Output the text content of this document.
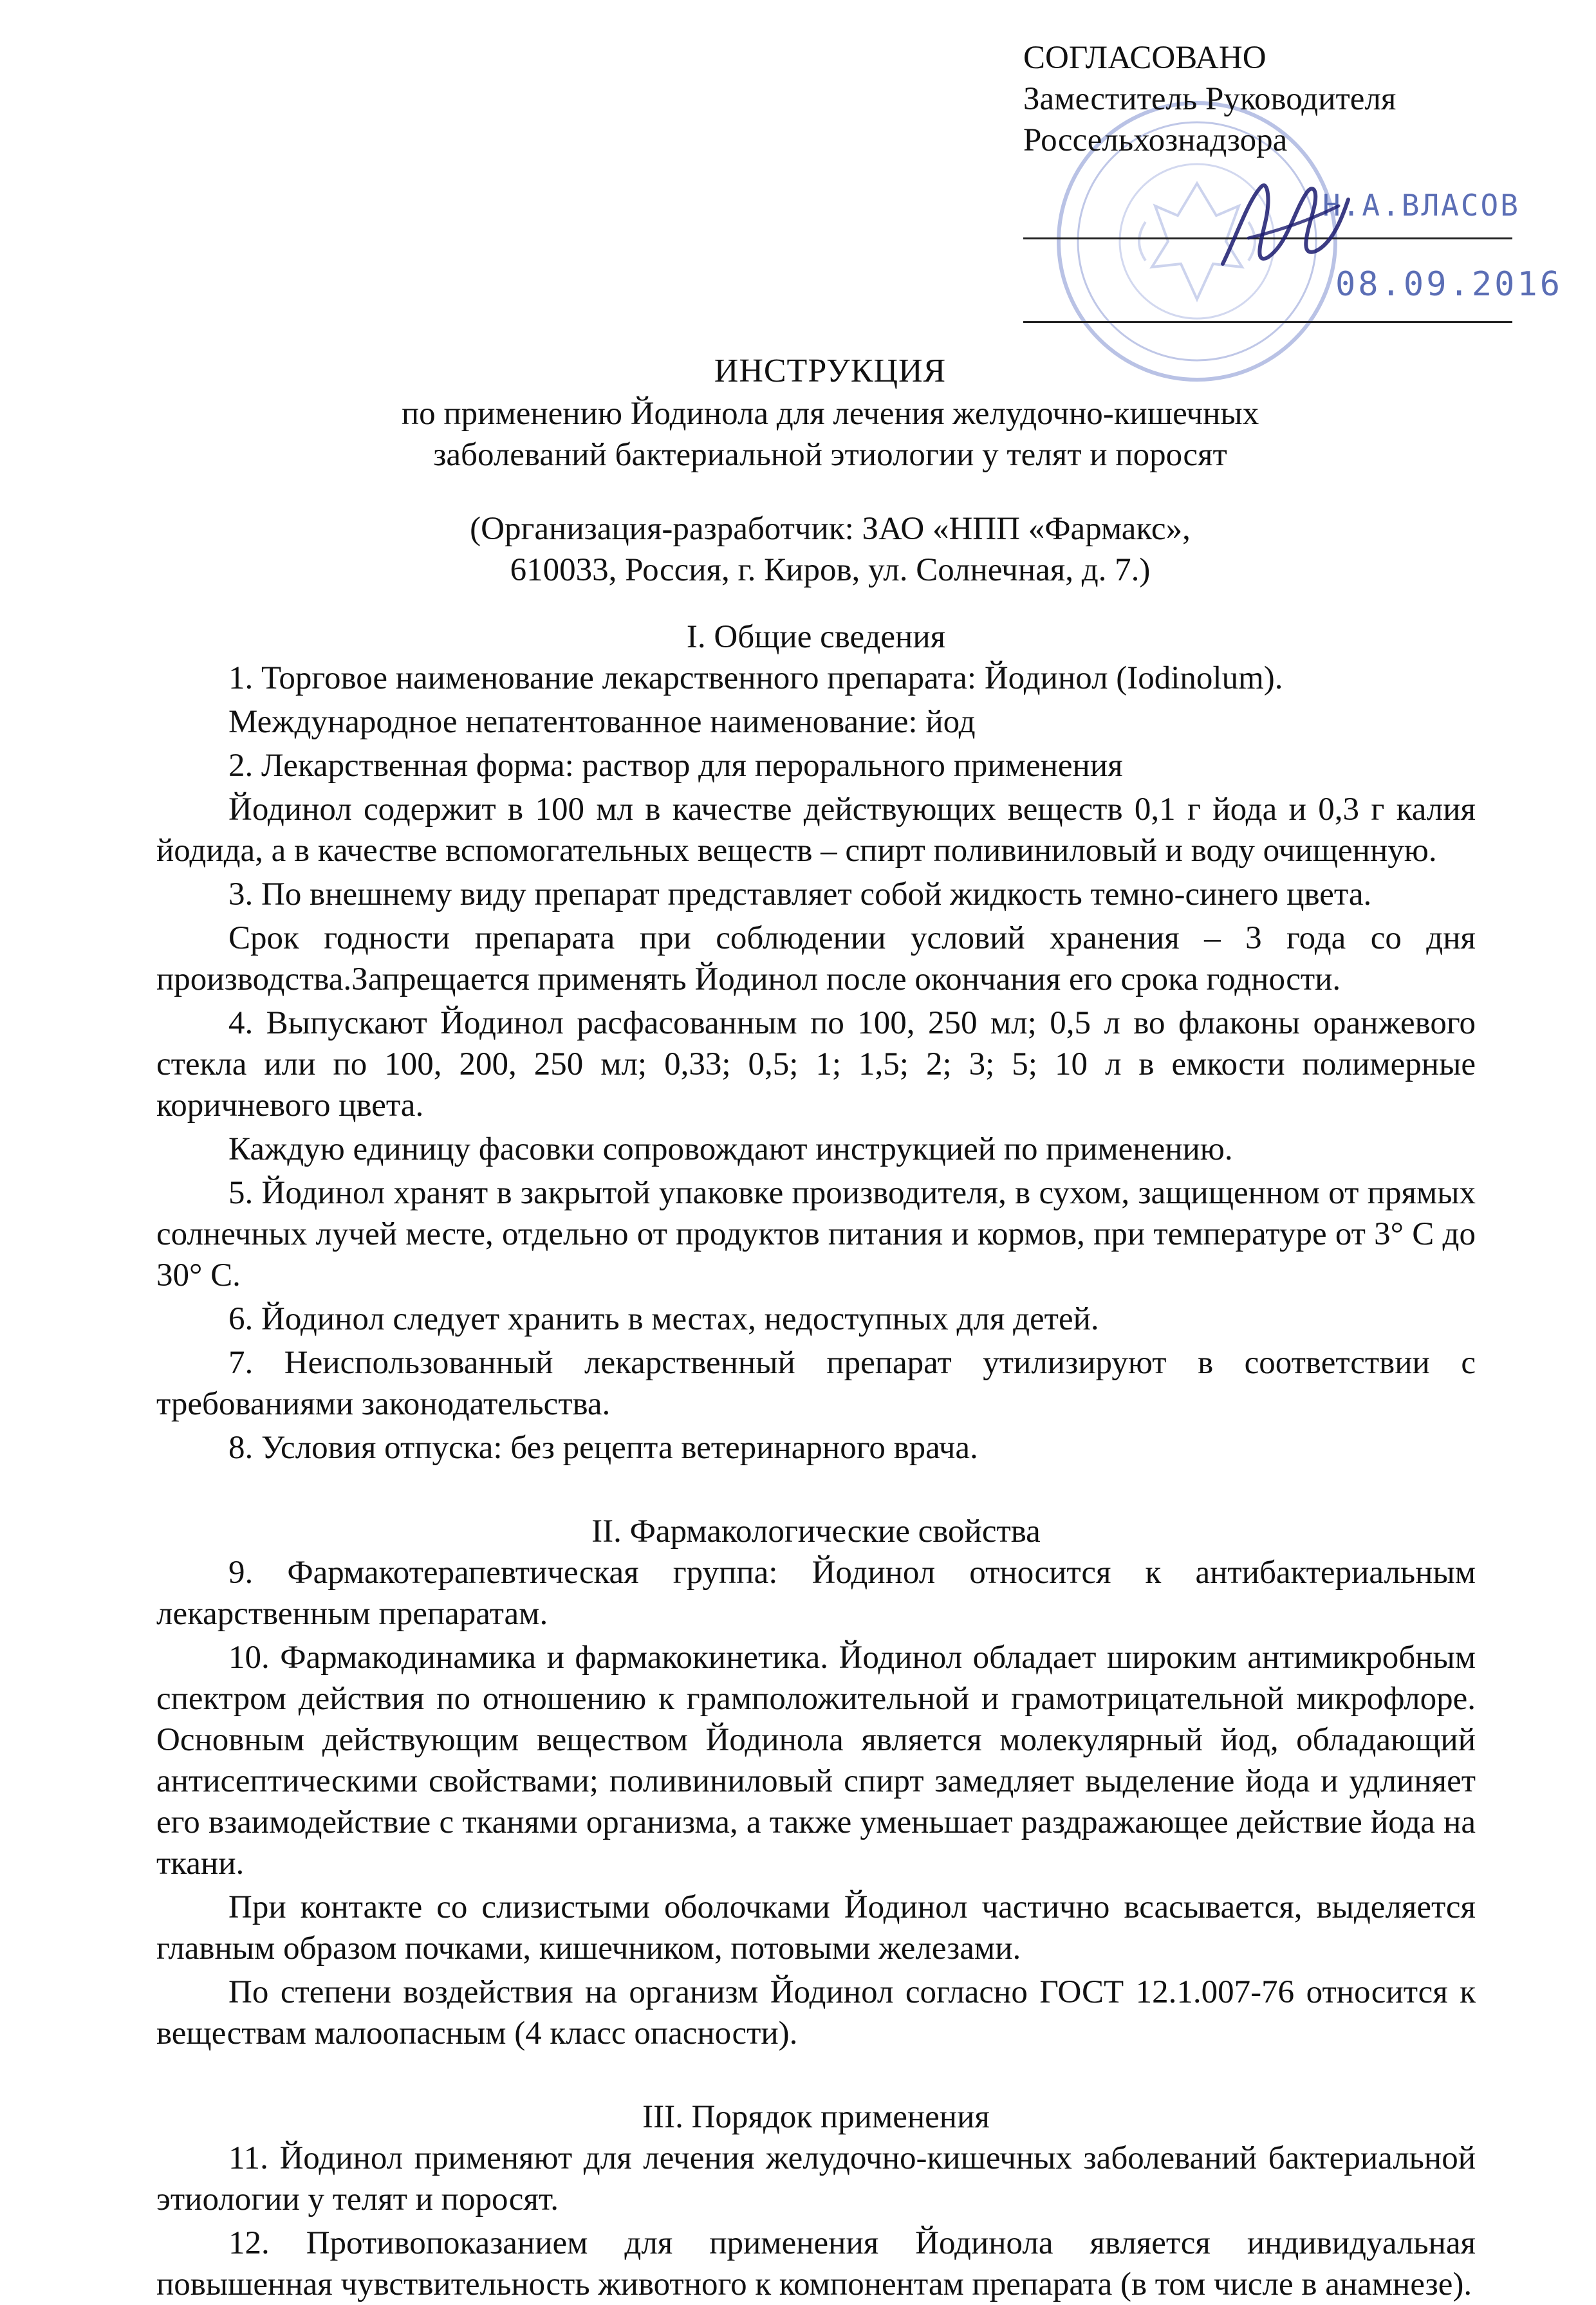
СОГЛАСОВАНО
Заместитель Руководителя
Россельхознадзора
Н.А.ВЛАСОВ
08.09.2016
ИНСТРУКЦИЯ
по применению Йодинола для лечения желудочно-кишечных
заболеваний бактериальной этиологии у телят и поросят
(Организация-разработчик: ЗАО «НПП «Фармакс»,
610033, Россия, г. Киров, ул. Солнечная, д. 7.)

I. Общие сведения

1. Торговое наименование лекарственного препарата: Йодинол (Iodinolum).

Международное непатентованное наименование: йод

2. Лекарственная форма: раствор для перорального применения

Йодинол содержит в 100 мл в качестве действующих веществ 0,1 г йода и 0,3 г калия йодида, а в качестве вспомогательных веществ – спирт поливиниловый и воду очищенную.

3. По внешнему виду препарат представляет собой жидкость темно-синего цвета.

Срок годности препарата при соблюдении условий хранения – 3 года со дня производства.Запрещается применять Йодинол после окончания его срока годности.

4. Выпускают Йодинол расфасованным по 100, 250 мл; 0,5 л во флаконы оранжевого стекла или по 100, 200, 250 мл; 0,33; 0,5; 1; 1,5; 2; 3; 5; 10 л в емкости полимерные коричневого цвета.

Каждую единицу фасовки сопровождают инструкцией по применению.

5. Йодинол хранят в закрытой упаковке производителя, в сухом, защищенном от прямых солнечных лучей месте, отдельно от продуктов питания и кормов, при температуре от 3° С до 30° С.

6. Йодинол следует хранить в местах, недоступных для детей.

7. Неиспользованный лекарственный препарат утилизируют в соответствии с требованиями законодательства.

8. Условия отпуска: без рецепта ветеринарного врача.

II. Фармакологические свойства

9. Фармакотерапевтическая группа: Йодинол относится к антибактериальным лекарственным препаратам.

10. Фармакодинамика и фармакокинетика. Йодинол обладает широким антимикробным спектром действия по отношению к грамположительной и грамотрицательной микрофлоре. Основным действующим веществом Йодинола является молекулярный йод, обладающий антисептическими свойствами; поливиниловый спирт замедляет выделение йода и удлиняет его взаимодействие с тканями организма, а также уменьшает раздражающее действие йода на ткани.

При контакте со слизистыми оболочками Йодинол частично всасывается, выделяется главным образом почками, кишечником, потовыми железами.

По степени воздействия на организм Йодинол согласно ГОСТ 12.1.007-76 относится к веществам малоопасным (4 класс опасности).

III. Порядок применения

11. Йодинол применяют для лечения желудочно-кишечных заболеваний бактериальной этиологии у телят и поросят.

12. Противопоказанием для применения Йодинола является индивидуальная повышенная чувствительность животного к компонентам препарата (в том числе в анамнезе).
